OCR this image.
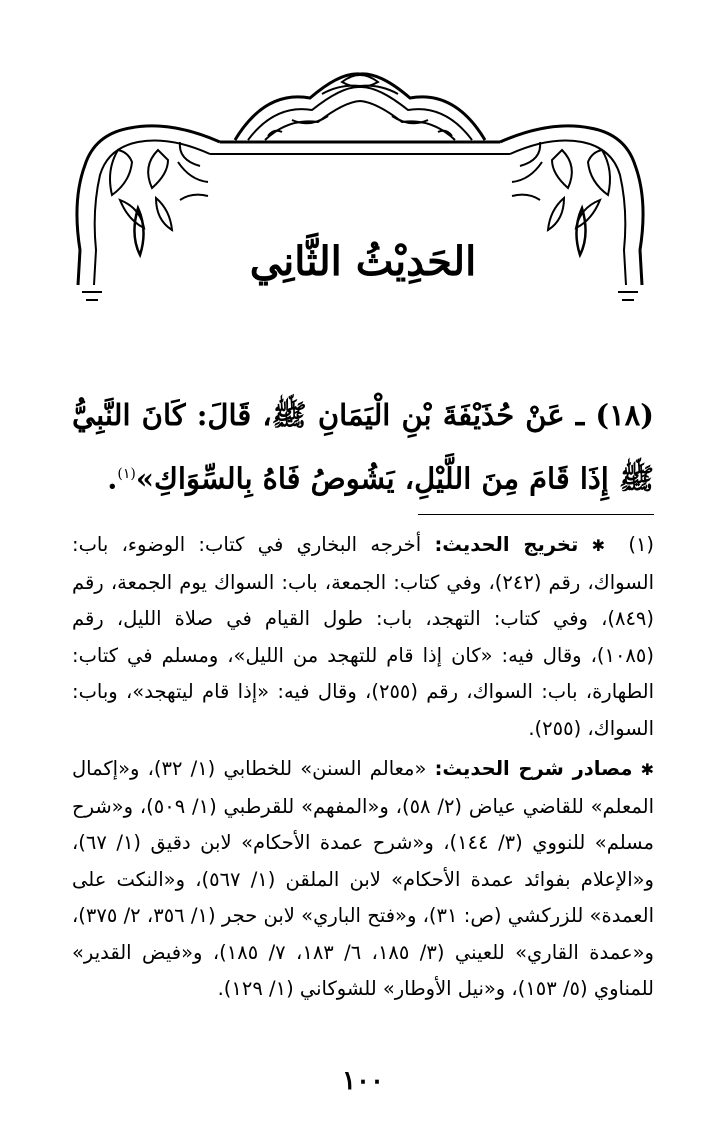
الحَدِيْثُ الثَّانِي
(١٨) ـ عَنْ حُذَيْفَةَ بْنِ الْيَمَانِ ﷺ، قَالَ: كَانَ النَّبِيُّ ﷺ إِذَا قَامَ مِنَ اللَّيْلِ، يَشُوصُ فَاهُ بِالسِّوَاكِ»$^{(١)}$.

(١) ✱ تخريج الحديث: أخرجه البخاري في كتاب: الوضوء، باب: السواك، رقم (٢٤٢)، وفي كتاب: الجمعة، باب: السواك يوم الجمعة، رقم (٨٤٩)، وفي كتاب: التهجد، باب: طول القيام في صلاة الليل، رقم (١٠٨٥)، وقال فيه: «كان إذا قام للتهجد من الليل»، ومسلم في كتاب: الطهارة، باب: السواك، رقم (٢٥٥)، وقال فيه: «إذا قام ليتهجد»، وباب: السواك، (٢٥٥).

✱ مصادر شرح الحديث: «معالم السنن» للخطابي (١/ ٣٢)، و«إكمال المعلم» للقاضي عياض (٢/ ٥٨)، و«المفهم» للقرطبي (١/ ٥٠٩)، و«شرح مسلم» للنووي (٣/ ١٤٤)، و«شرح عمدة الأحكام» لابن دقيق (١/ ٦٧)، و«الإعلام بفوائد عمدة الأحكام» لابن الملقن (١/ ٥٦٧)، و«النكت على العمدة» للزركشي (ص: ٣١)، و«فتح الباري» لابن حجر (١/ ٣٥٦، ٢/ ٣٧٥)، و«عمدة القاري» للعيني (٣/ ١٨٥، ٦/ ١٨٣، ٧/ ١٨٥)، و«فيض القدير» للمناوي (٥/ ١٥٣)، و«نيل الأوطار» للشوكاني (١/ ١٢٩).

١٠٠
